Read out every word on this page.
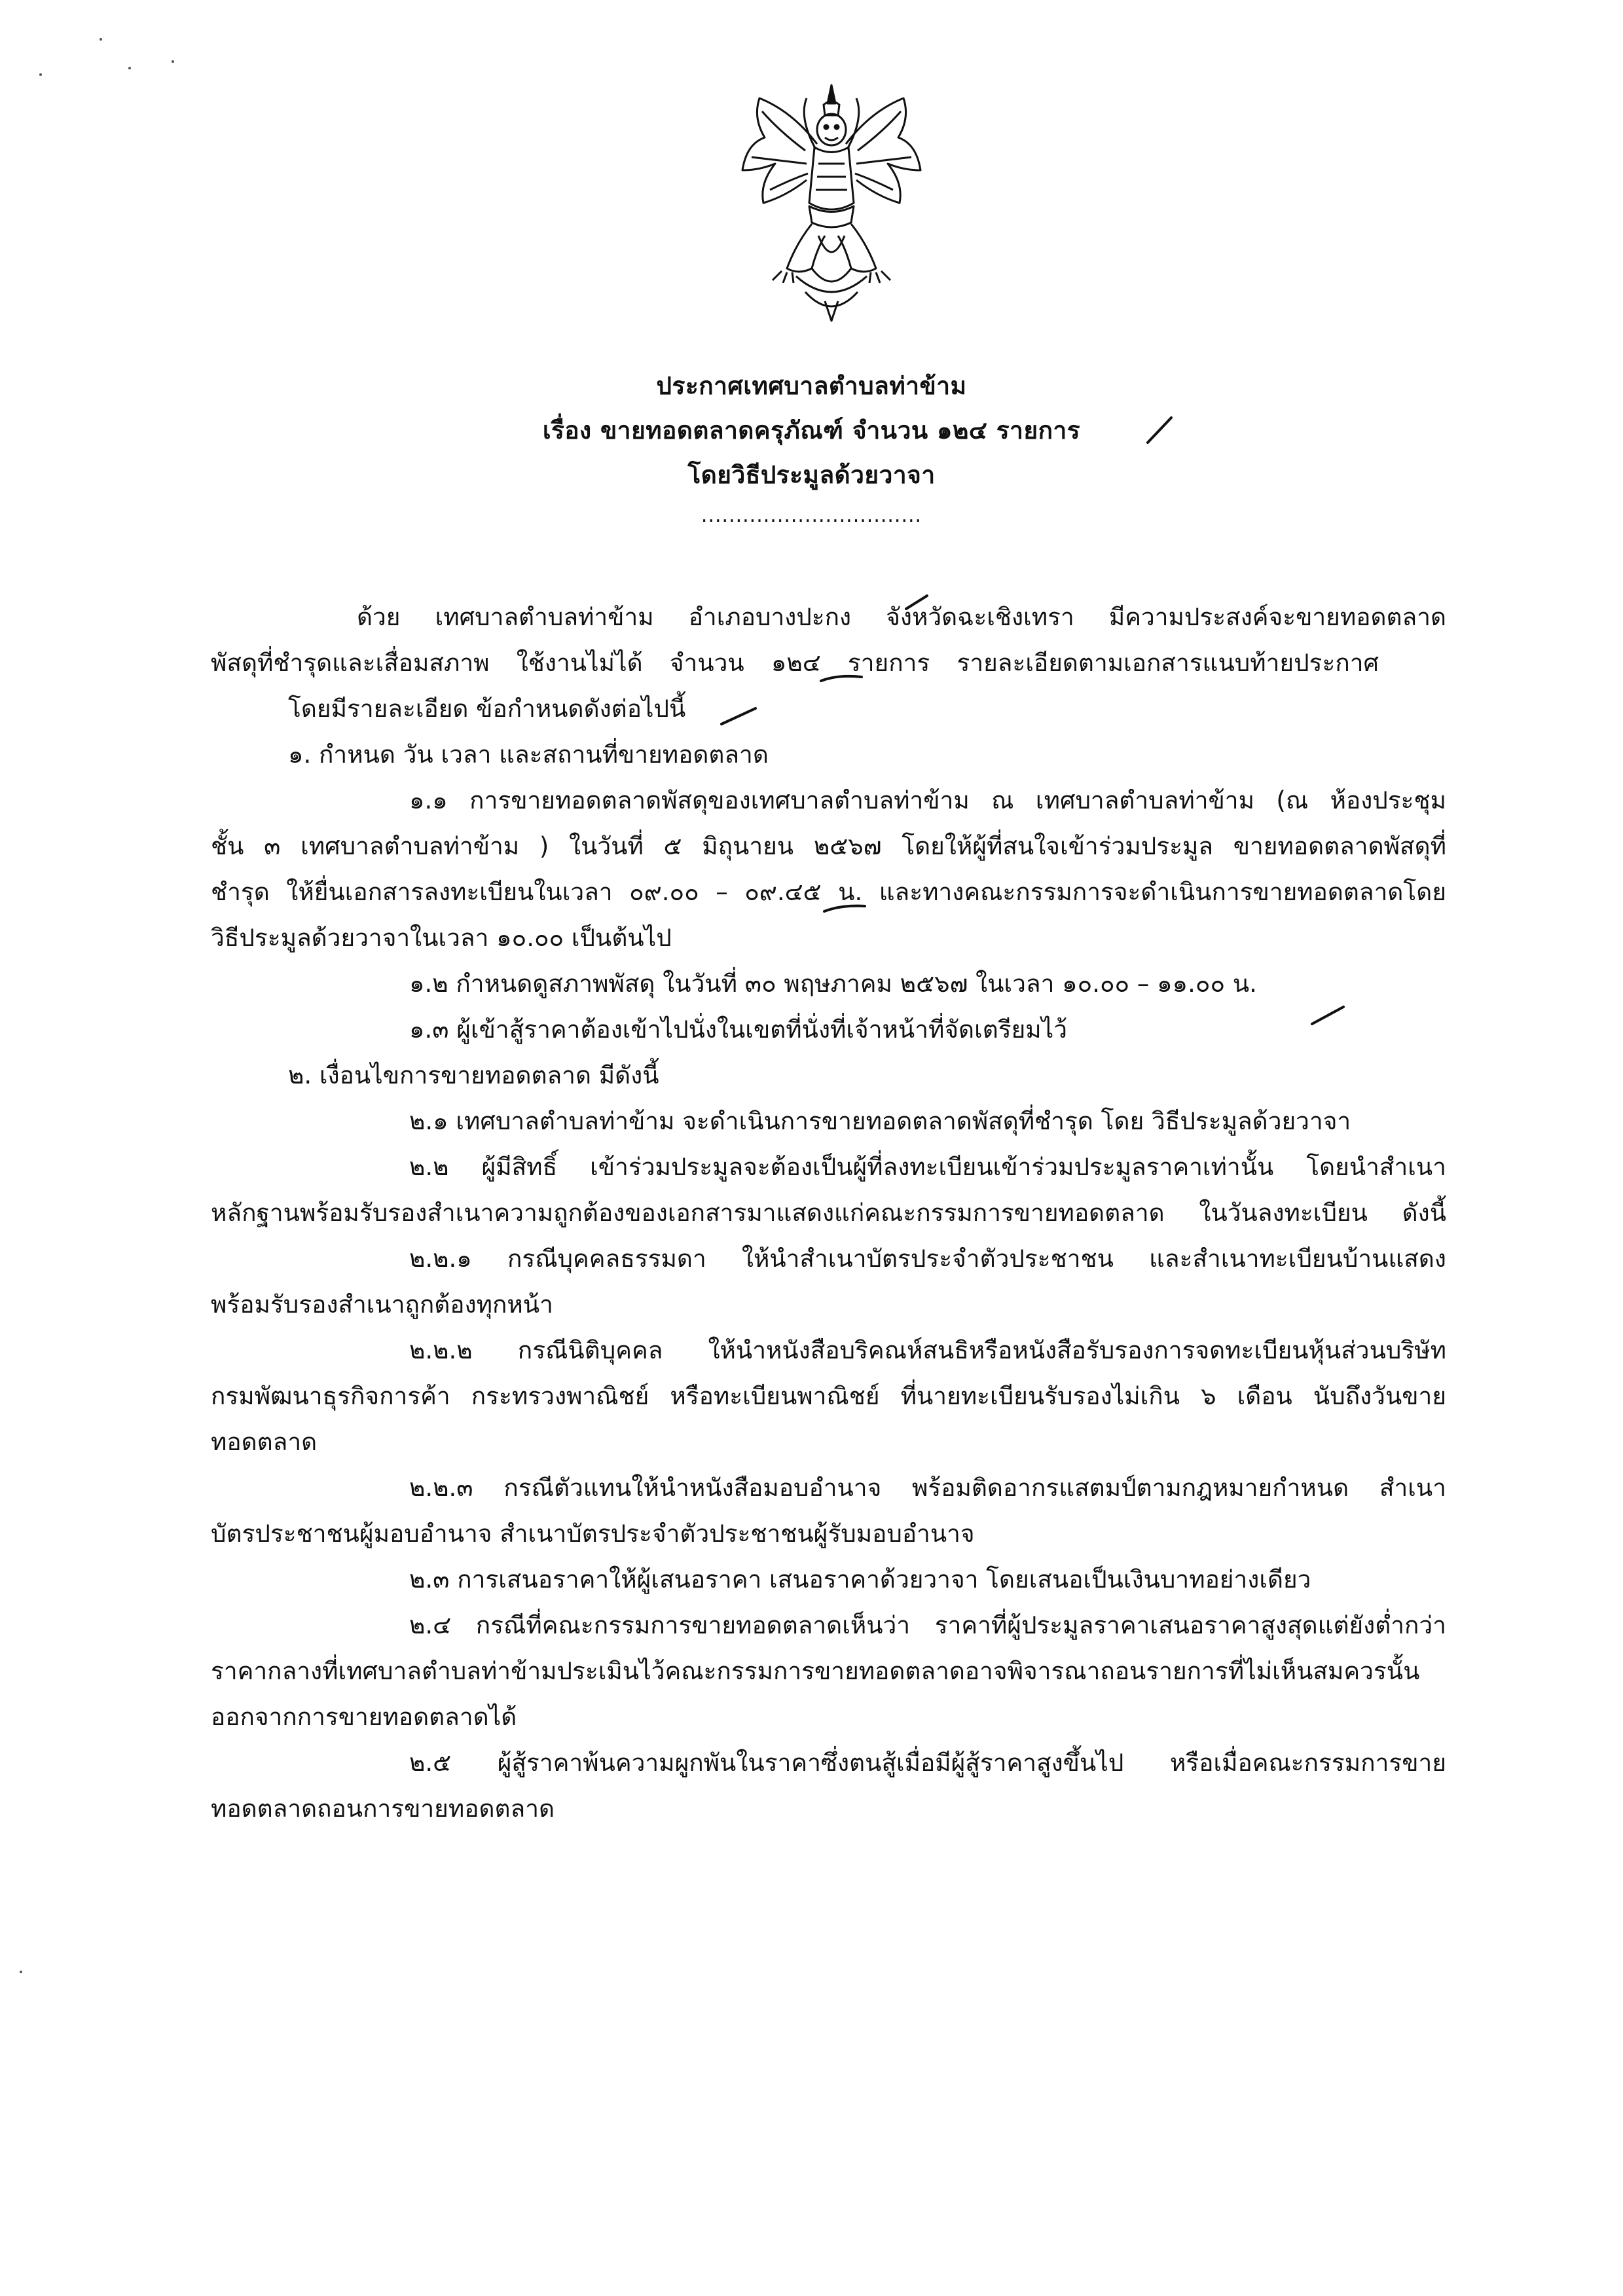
ประกาศเทศบาลตำบลท่าข้าม
เรื่อง ขายทอดตลาดครุภัณฑ์ จำนวน ๑๒๔ รายการ
โดยวิธีประมูลด้วยวาจา
................................
ด้วย เทศบาลตำบลท่าข้าม อำเภอบางปะกง จังหวัดฉะเชิงเทรา มีความประสงค์จะขายทอดตลาด
พัสดุที่ชำรุดและเสื่อมสภาพ ใช้งานไม่ได้ จำนวน ๑๒๔ รายการ รายละเอียดตามเอกสารแนบท้ายประกาศ
โดยมีรายละเอียด ข้อกำหนดดังต่อไปนี้
๑. กำหนด วัน เวลา และสถานที่ขายทอดตลาด
๑.๑ การขายทอดตลาดพัสดุของเทศบาลตำบลท่าข้าม ณ เทศบาลตำบลท่าข้าม (ณ ห้องประชุม
ชั้น ๓ เทศบาลตำบลท่าข้าม ) ในวันที่ ๕ มิถุนายน ๒๕๖๗ โดยให้ผู้ที่สนใจเข้าร่วมประมูล ขายทอดตลาดพัสดุที่
ชำรุด ให้ยื่นเอกสารลงทะเบียนในเวลา ๐๙.๐๐ – ๐๙.๔๕ น. และทางคณะกรรมการจะดำเนินการขายทอดตลาดโดย
วิธีประมูลด้วยวาจาในเวลา ๑๐.๐๐ เป็นต้นไป
๑.๒ กำหนดดูสภาพพัสดุ ในวันที่ ๓๐ พฤษภาคม ๒๕๖๗ ในเวลา ๑๐.๐๐ – ๑๑.๐๐ น.
๑.๓ ผู้เข้าสู้ราคาต้องเข้าไปนั่งในเขตที่นั่งที่เจ้าหน้าที่จัดเตรียมไว้
๒. เงื่อนไขการขายทอดตลาด มีดังนี้
๒.๑ เทศบาลตำบลท่าข้าม จะดำเนินการขายทอดตลาดพัสดุที่ชำรุด โดย วิธีประมูลด้วยวาจา
๒.๒ ผู้มีสิทธิ์ เข้าร่วมประมูลจะต้องเป็นผู้ที่ลงทะเบียนเข้าร่วมประมูลราคาเท่านั้น โดยนำสำเนา
หลักฐานพร้อมรับรองสำเนาความถูกต้องของเอกสารมาแสดงแก่คณะกรรมการขายทอดตลาด ในวันลงทะเบียน ดังนี้
๒.๒.๑ กรณีบุคคลธรรมดา ให้นำสำเนาบัตรประจำตัวประชาชน และสำเนาทะเบียนบ้านแสดง
พร้อมรับรองสำเนาถูกต้องทุกหน้า
๒.๒.๒ กรณีนิติบุคคล ให้นำหนังสือบริคณห์สนธิหรือหนังสือรับรองการจดทะเบียนหุ้นส่วนบริษัท
กรมพัฒนาธุรกิจการค้า กระทรวงพาณิชย์ หรือทะเบียนพาณิชย์ ที่นายทะเบียนรับรองไม่เกิน ๖ เดือน นับถึงวันขาย
ทอดตลาด
๒.๒.๓ กรณีตัวแทนให้นำหนังสือมอบอำนาจ พร้อมติดอากรแสตมป์ตามกฎหมายกำหนด สำเนา
บัตรประชาชนผู้มอบอำนาจ สำเนาบัตรประจำตัวประชาชนผู้รับมอบอำนาจ
๒.๓ การเสนอราคาให้ผู้เสนอราคา เสนอราคาด้วยวาจา โดยเสนอเป็นเงินบาทอย่างเดียว
๒.๔ กรณีที่คณะกรรมการขายทอดตลาดเห็นว่า ราคาที่ผู้ประมูลราคาเสนอราคาสูงสุดแต่ยังต่ำกว่า
ราคากลางที่เทศบาลตำบลท่าข้ามประเมินไว้คณะกรรมการขายทอดตลาดอาจพิจารณาถอนรายการที่ไม่เห็นสมควรนั้น
ออกจากการขายทอดตลาดได้
๒.๕ ผู้สู้ราคาพ้นความผูกพันในราคาซึ่งตนสู้เมื่อมีผู้สู้ราคาสูงขึ้นไป หรือเมื่อคณะกรรมการขาย
ทอดตลาดถอนการขายทอดตลาด
